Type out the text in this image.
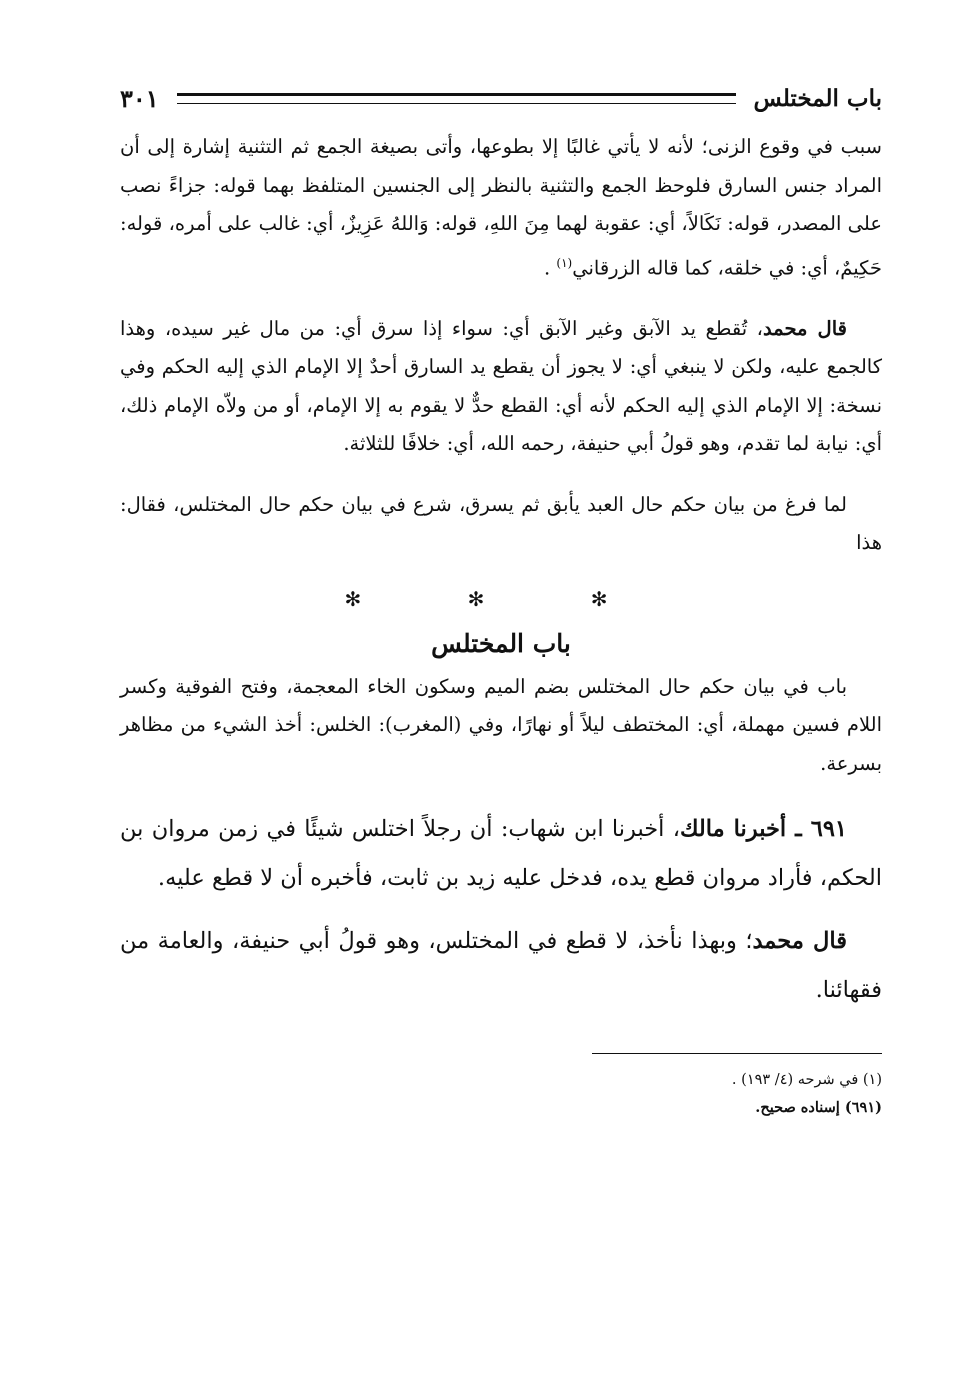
باب المختلس
٣٠١

سبب في وقوع الزنى؛ لأنه لا يأتي غالبًا إلا بطوعها، وأتى بصيغة الجمع ثم التثنية إشارة إلى أن المراد جنس السارق فلوحظ الجمع والتثنية بالنظر إلى الجنسين المتلفظ بهما قوله: جزاءً نصب على المصدر، قوله: نَكَالاً، أي: عقوبة لهما مِنَ اللهِ، قوله: وَاللهُ عَزِيزٌ، أي: غالب على أمره، قوله: حَكِيمٌ، أي: في خلقه، كما قاله الزرقاني$^{(١)}$ .

قال محمد، تُقطع يد الآبق وغير الآبق أي: سواء إذا سرق أي: من مال غير سيده، وهذا كالجمع عليه، ولكن لا ينبغي أي: لا يجوز أن يقطع يد السارق أحدٌ إلا الإمام الذي إليه الحكم وفي نسخة: إلا الإمام الذي إليه الحكم لأنه أي: القطع حدٌّ لا يقوم به إلا الإمام، أو من ولاّه الإمام ذلك، أي: نيابة لما تقدم، وهو قولُ أبي حنيفة، رحمه الله، أي: خلافًا للثلاثة.

لما فرغ من بيان حكم حال العبد يأبق ثم يسرق، شرع في بيان حكم حال المختلس، فقال: هذا

✻ ✻ ✻
باب المختلس

باب في بيان حكم حال المختلس بضم الميم وسكون الخاء المعجمة، وفتح الفوقية وكسر اللام فسين مهملة، أي: المختطف ليلاً أو نهارًا، وفي (المغرب): الخلس: أخذ الشيء من مظاهر بسرعة.

٦٩١ ـ أخبرنا مالك، أخبرنا ابن شهاب: أن رجلاً اختلس شيئًا في زمن مروان بن الحكم، فأراد مروان قطع يده، فدخل عليه زيد بن ثابت، فأخبره أن لا قطع عليه.

قال محمد؛ وبهذا نأخذ، لا قطع في المختلس، وهو قولُ أبي حنيفة، والعامة من فقهائنا.

(١) في شرحه (٤/ ١٩٣) .

(٦٩١) إسناده صحيح.
